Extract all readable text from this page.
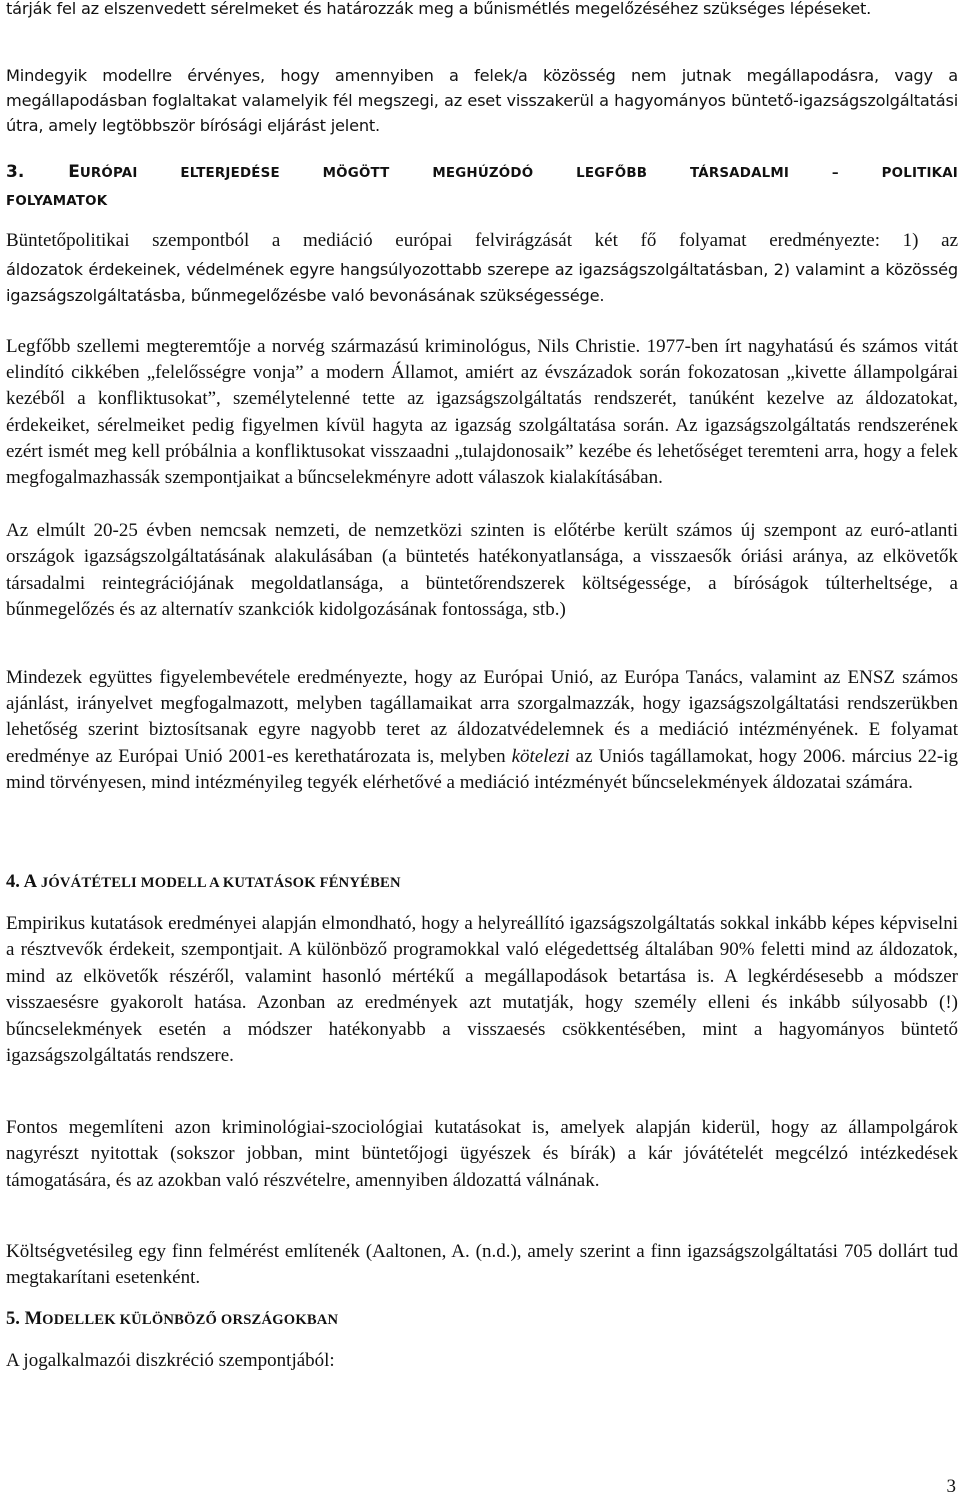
tárják fel az elszenvedett sérelmeket és határozzák meg a bűnismétlés megelőzéséhez szükséges lépéseket.

Mindegyik modellre érvényes, hogy amennyiben a felek/a közösség nem jutnak megállapodásra, vagy a megállapodásban foglaltakat valamelyik fél megszegi, az eset visszakerül a hagyományos büntető-igazságszolgáltatási útra, amely legtöbbször bírósági eljárást jelent.

3.	EURÓPAI ELTERJEDÉSE MÖGÖTT MEGHÚZÓDÓ LEGFŐBB TÁRSADALMI – POLITIKAI
FOLYAMATOK

Büntetőpolitikai szempontból a mediáció európai felvirágzását két fő folyamat eredményezte: 1) az

áldozatok érdekeinek, védelmének egyre hangsúlyozottabb szerepe az igazságszolgáltatásban, 2) valamint a közösség igazságszolgáltatásba, bűnmegelőzésbe való bevonásának szükségessége.

Legfőbb szellemi megteremtője a norvég származású kriminológus, Nils Christie. 1977-ben írt nagyhatású és számos vitát elindító cikkében „felelősségre vonja” a modern Államot, amiért az évszázadok során fokozatosan „kivette állampolgárai kezéből a konfliktusokat”, személytelenné tette az igazságszolgáltatás rendszerét, tanúként kezelve az áldozatokat, érdekeiket, sérelmeiket pedig figyelmen kívül hagyta az igazság szolgáltatása során. Az igazságszolgáltatás rendszerének ezért ismét meg kell próbálnia a konfliktusokat visszaadni „tulajdonosaik” kezébe és lehetőséget teremteni arra, hogy a felek megfogalmazhassák szempontjaikat a bűncselekményre adott válaszok kialakításában.

Az elmúlt 20-25 évben nemcsak nemzeti, de nemzetközi szinten is előtérbe került számos új szempont az euró-atlanti országok igazságszolgáltatásának alakulásában (a büntetés hatékonyatlansága, a visszaesők óriási aránya, az elkövetők társadalmi reintegrációjának megoldatlansága, a büntetőrendszerek költségessége, a bíróságok túlterheltsége, a bűnmegelőzés és az alternatív szankciók kidolgozásának fontossága, stb.)

Mindezek együttes figyelembevétele eredményezte, hogy az Európai Unió, az Európa Tanács, valamint az ENSZ számos ajánlást, irányelvet megfogalmazott, melyben tagállamaikat arra szorgalmazzák, hogy igazságszolgáltatási rendszerükben lehetőség szerint biztosítsanak egyre nagyobb teret az áldozatvédelemnek és a mediáció intézményének. E folyamat eredménye az Európai Unió 2001-es kerethatározata is, melyben kötelezi az Uniós tagállamokat, hogy 2006. március 22-ig mind törvényesen, mind intézményileg tegyék elérhetővé a mediáció intézményét bűncselekmények áldozatai számára.

4. A JÓVÁTÉTELI MODELL A KUTATÁSOK FÉNYÉBEN

Empirikus kutatások eredményei alapján elmondható, hogy a helyreállító igazságszolgáltatás sokkal inkább képes képviselni a résztvevők érdekeit, szempontjait. A különböző programokkal való elégedettség általában 90% feletti mind az áldozatok, mind az elkövetők részéről, valamint hasonló mértékű a megállapodások betartása is. A legkérdésesebb a módszer visszaesésre gyakorolt hatása. Azonban az eredmények azt mutatják, hogy személy elleni és inkább súlyosabb (!) bűncselekmények esetén a módszer hatékonyabb a visszaesés csökkentésében, mint a hagyományos büntető igazságszolgáltatás rendszere.

Fontos megemlíteni azon kriminológiai-szociológiai kutatásokat is, amelyek alapján kiderül, hogy az állampolgárok nagyrészt nyitottak (sokszor jobban, mint büntetőjogi ügyészek és bírák) a kár jóvátételét megcélzó intézkedések támogatására, és az azokban való részvételre, amennyiben áldozattá válnának.

Költségvetésileg egy finn felmérést említenék (Aaltonen, A. (n.d.), amely szerint a finn igazságszolgáltatási 705 dollárt tud megtakarítani esetenként.

5. MODELLEK KÜLÖNBÖZŐ ORSZÁGOKBAN

A jogalkalmazói diszkréció szempontjából:

3
